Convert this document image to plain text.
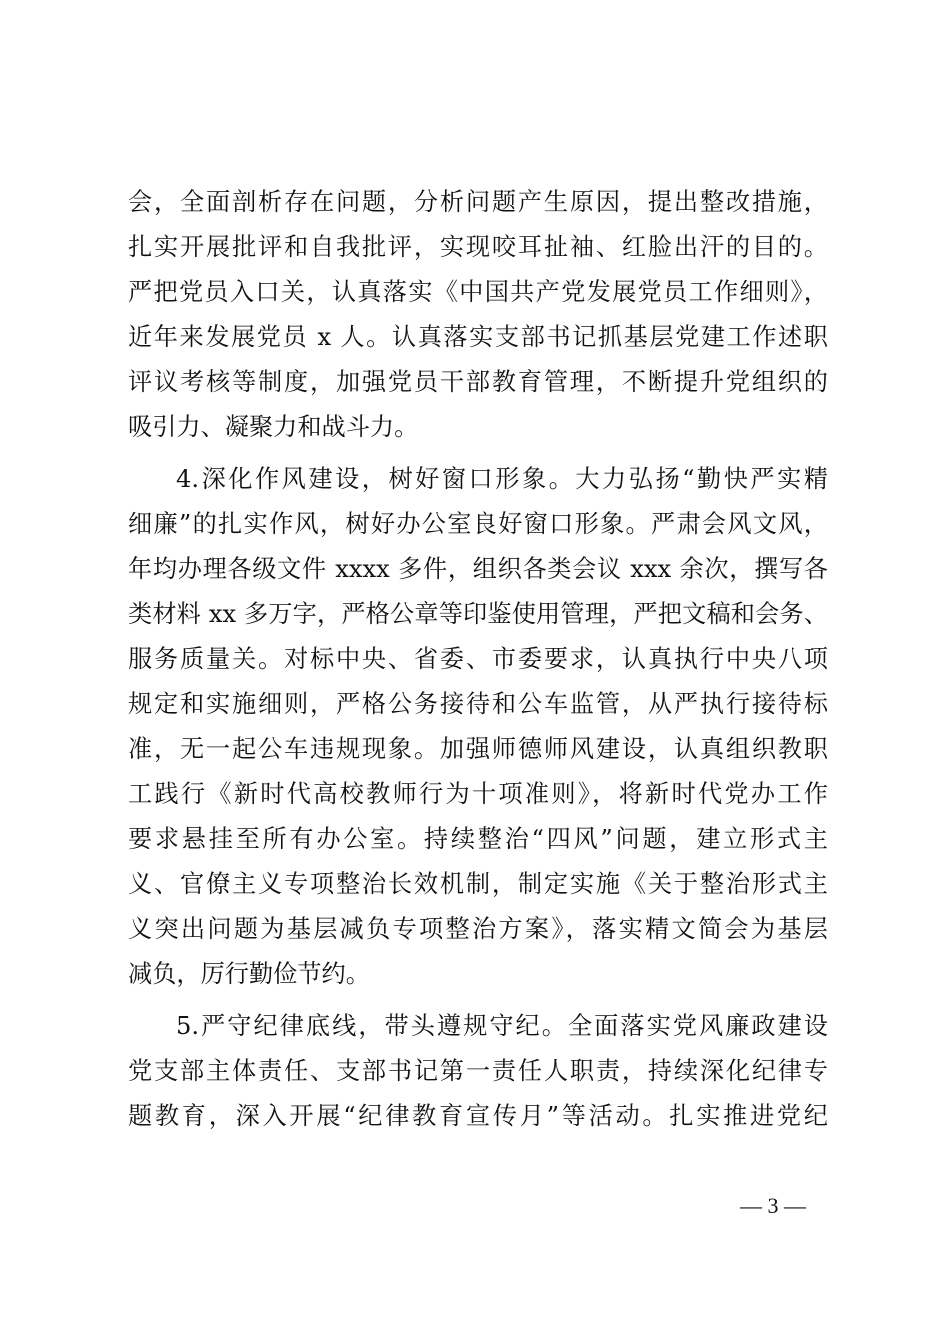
会，全面剖析存在问题，分析问题产生原因，提出整改措施，
扎实开展批评和自我批评，实现咬耳扯袖、红脸出汗的目的。
严把党员入口关，认真落实《中国共产党发展党员工作细则》，
近年来发展党员 x 人。认真落实支部书记抓基层党建工作述职
评议考核等制度，加强党员干部教育管理，不断提升党组织的
吸引力、凝聚力和战斗力。
4.深化作风建设，树好窗口形象。大力弘扬“勤快严实精
细廉”的扎实作风，树好办公室良好窗口形象。严肃会风文风，
年均办理各级文件 xxxx 多件，组织各类会议 xxx 余次，撰写各
类材料 xx 多万字，严格公章等印鉴使用管理，严把文稿和会务、
服务质量关。对标中央、省委、市委要求，认真执行中央八项
规定和实施细则，严格公务接待和公车监管，从严执行接待标
准，无一起公车违规现象。加强师德师风建设，认真组织教职
工践行《新时代高校教师行为十项准则》，将新时代党办工作
要求悬挂至所有办公室。持续整治“四风”问题，建立形式主
义、官僚主义专项整治长效机制，制定实施《关于整治形式主
义突出问题为基层减负专项整治方案》，落实精文简会为基层
减负，厉行勤俭节约。
5.严守纪律底线，带头遵规守纪。全面落实党风廉政建设
党支部主体责任、支部书记第一责任人职责，持续深化纪律专
题教育，深入开展“纪律教育宣传月”等活动。扎实推进党纪
— 3 —
